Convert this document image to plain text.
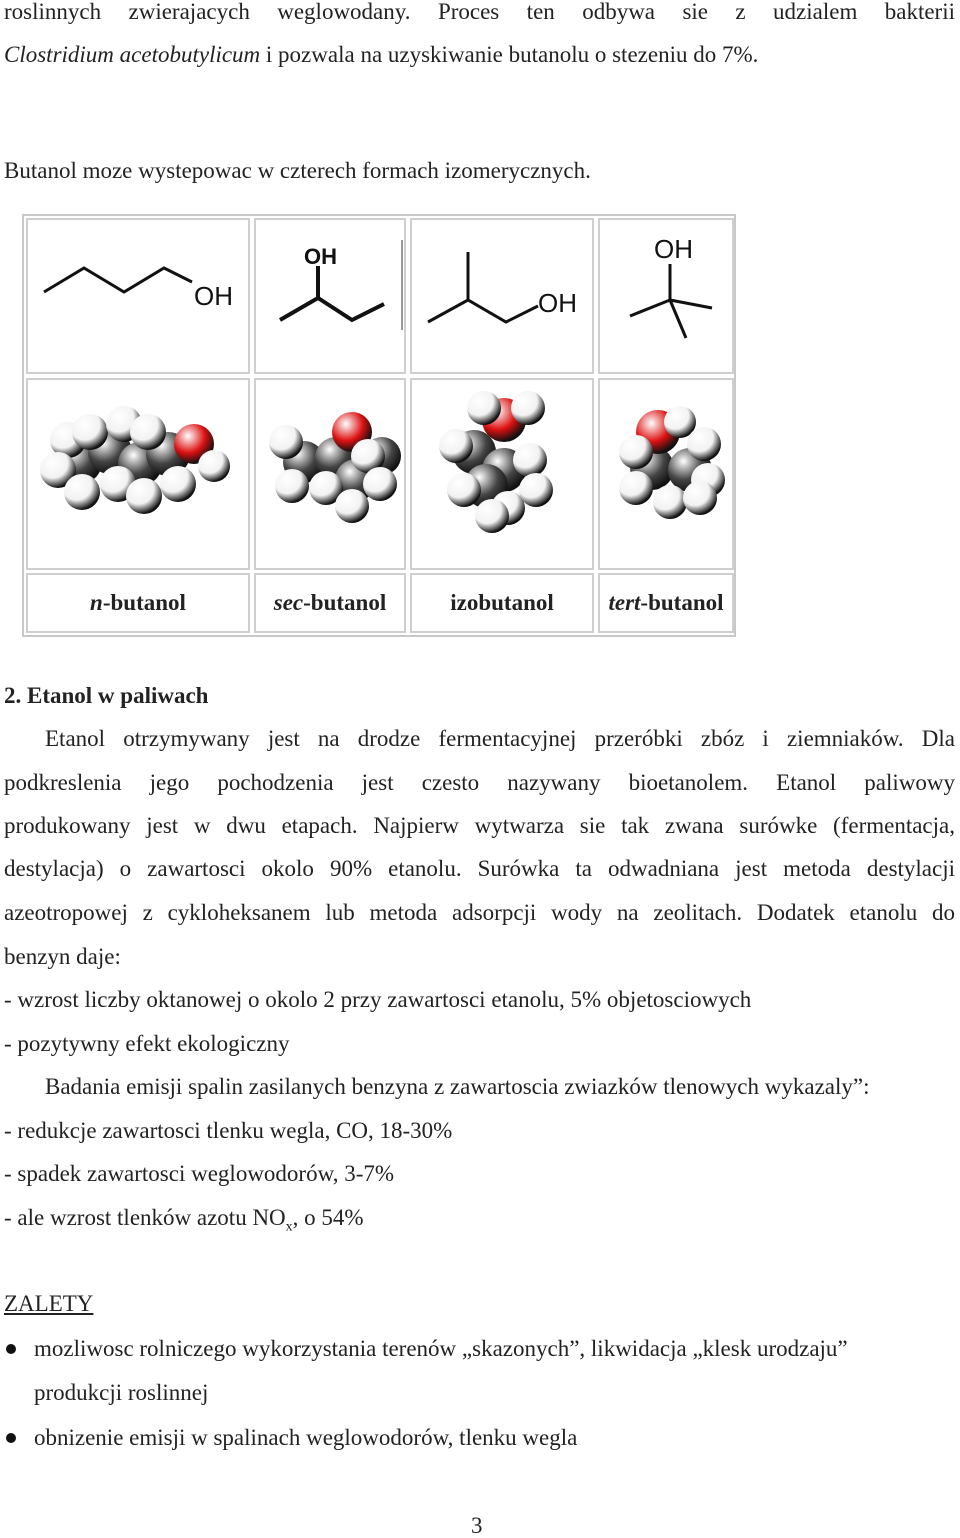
roslinnych zwierajacych weglowodany. Proces ten odbywa sie z udzialem bakterii
Clostridium acetobutylicum i pozwala na uzyskiwanie butanolu o stezeniu do 7%.
Butanol moze wystepowac w czterech formach izomerycznych.
OH
OH
OH
OH
n -butanol	sec -butanol	izobutanol tert -butanol
2. Etanol w paliwach
Etanol otrzymywany jest na drodze fermentacyjnej przeróbki zbóz i ziemniaków. Dla
podkreslenia jego pochodzenia jest czesto nazywany bioetanolem. Etanol paliwowy
produkowany jest w dwu etapach. Najpierw wytwarza sie tak zwana surówke (fermentacja,
destylacja) o zawartosci okolo 90% etanolu. Surówka ta odwadniana jest metoda destylacji
azeotropowej z cykloheksanem lub metoda adsorpcji wody na zeolitach. Dodatek etanolu do
benzyn daje:
- wzrost liczby oktanowej o okolo 2 przy zawartosci etanolu, 5% objetosciowych
- pozytywny efekt ekologiczny
Badania emisji spalin zasilanych benzyna z zawartoscia zwiazków tlenowych wykazaly”:
- redukcje zawartosci tlenku wegla, CO, 18-30%
- spadek zawartosci weglowodorów, 3-7%
- ale wzrost tlenków azotu $NO_x$, o 54%
ZALETY
mozliwosc rolniczego wykorzystania terenów „skazonych”, likwidacja „klesk urodzaju”
produkcji roslinnej
obnizenie emisji w spalinach weglowodorów, tlenku wegla
3
